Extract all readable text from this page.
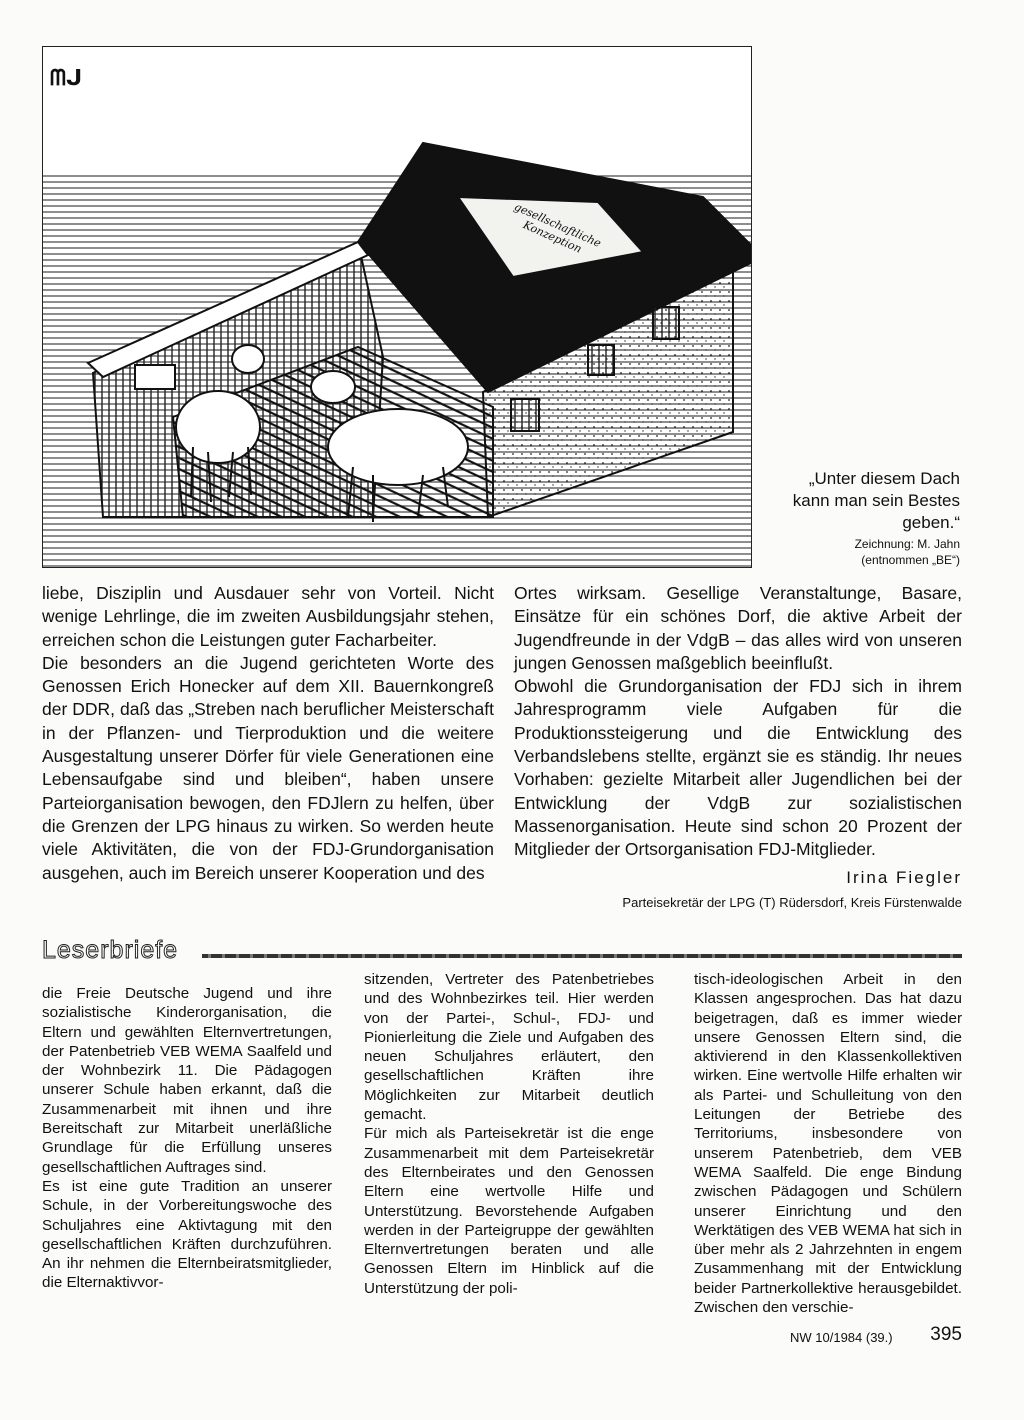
ᗰᒍ
gesellschaftliche Konzeption
„Unter diesem Dach kann man sein Bestes geben.“
Zeichnung: M. Jahn
(entnommen „BE“)

liebe, Disziplin und Ausdauer sehr von Vorteil. Nicht wenige Lehrlinge, die im zweiten Ausbildungsjahr stehen, erreichen schon die Leistungen guter Facharbeiter.

Die besonders an die Jugend gerichteten Worte des Genossen Erich Honecker auf dem XII. Bauernkongreß der DDR, daß das „Streben nach beruflicher Meisterschaft in der Pflanzen- und Tierproduktion und die weitere Ausgestaltung unserer Dörfer für viele Generationen eine Lebensaufgabe sind und bleiben“, haben unsere Parteiorganisation bewogen, den FDJlern zu helfen, über die Grenzen der LPG hinaus zu wirken. So werden heute viele Aktivitäten, die von der FDJ-Grundorganisation ausgehen, auch im Bereich unserer Kooperation und des

Ortes wirksam. Gesellige Veranstaltunge, Basare, Einsätze für ein schönes Dorf, die aktive Arbeit der Jugendfreunde in der VdgB – das alles wird von unseren jungen Genossen maßgeblich beeinflußt.

Obwohl die Grundorganisation der FDJ sich in ihrem Jahresprogramm viele Aufgaben für die Produktionssteigerung und die Entwicklung des Verbandslebens stellte, ergänzt sie es ständig. Ihr neues Vorhaben: gezielte Mitarbeit aller Jugendlichen bei der Entwicklung der VdgB zur sozialistischen Massenorganisation. Heute sind schon 20 Prozent der Mitglieder der Ortsorganisation FDJ-Mitglieder.

Irina Fiegler
Parteisekretär der LPG (T) Rüdersdorf, Kreis Fürstenwalde
Leserbriefe

die Freie Deutsche Jugend und ihre sozialistische Kinderorganisation, die Eltern und gewählten Elternvertretungen, der Patenbetrieb VEB WEMA Saalfeld und der Wohnbezirk 11. Die Pädagogen unserer Schule haben erkannt, daß die Zusammenarbeit mit ihnen und ihre Bereitschaft zur Mitarbeit unerläßliche Grundlage für die Erfüllung unseres gesellschaftlichen Auftrages sind.

Es ist eine gute Tradition an unserer Schule, in der Vorbereitungswoche des Schuljahres eine Aktivtagung mit den gesellschaftlichen Kräften durchzuführen. An ihr nehmen die Elternbeiratsmitglieder, die Elternaktivvor-

sitzenden, Vertreter des Patenbetriebes und des Wohnbezirkes teil. Hier werden von der Partei-, Schul-, FDJ- und Pionierleitung die Ziele und Aufgaben des neuen Schuljahres erläutert, den gesellschaftlichen Kräften ihre Möglichkeiten zur Mitarbeit deutlich gemacht.

Für mich als Parteisekretär ist die enge Zusammenarbeit mit dem Parteisekretär des Elternbeirates und den Genossen Eltern eine wertvolle Hilfe und Unterstützung. Bevorstehende Aufgaben werden in der Parteigruppe der gewählten Elternvertretungen beraten und alle Genossen Eltern im Hinblick auf die Unterstützung der poli-

tisch-ideologischen Arbeit in den Klassen angesprochen. Das hat dazu beigetragen, daß es immer wieder unsere Genossen Eltern sind, die aktivierend in den Klassenkollektiven wirken. Eine wertvolle Hilfe erhalten wir als Partei- und Schulleitung von den Leitungen der Betriebe des Territoriums, insbesondere von unserem Patenbetrieb, dem VEB WEMA Saalfeld. Die enge Bindung zwischen Pädagogen und Schülern unserer Einrichtung und den Werktätigen des VEB WEMA hat sich in über mehr als 2 Jahrzehnten in engem Zusammenhang mit der Entwicklung beider Partnerkollektive herausgebildet. Zwischen den verschie-

NW 10/1984 (39.) 395
